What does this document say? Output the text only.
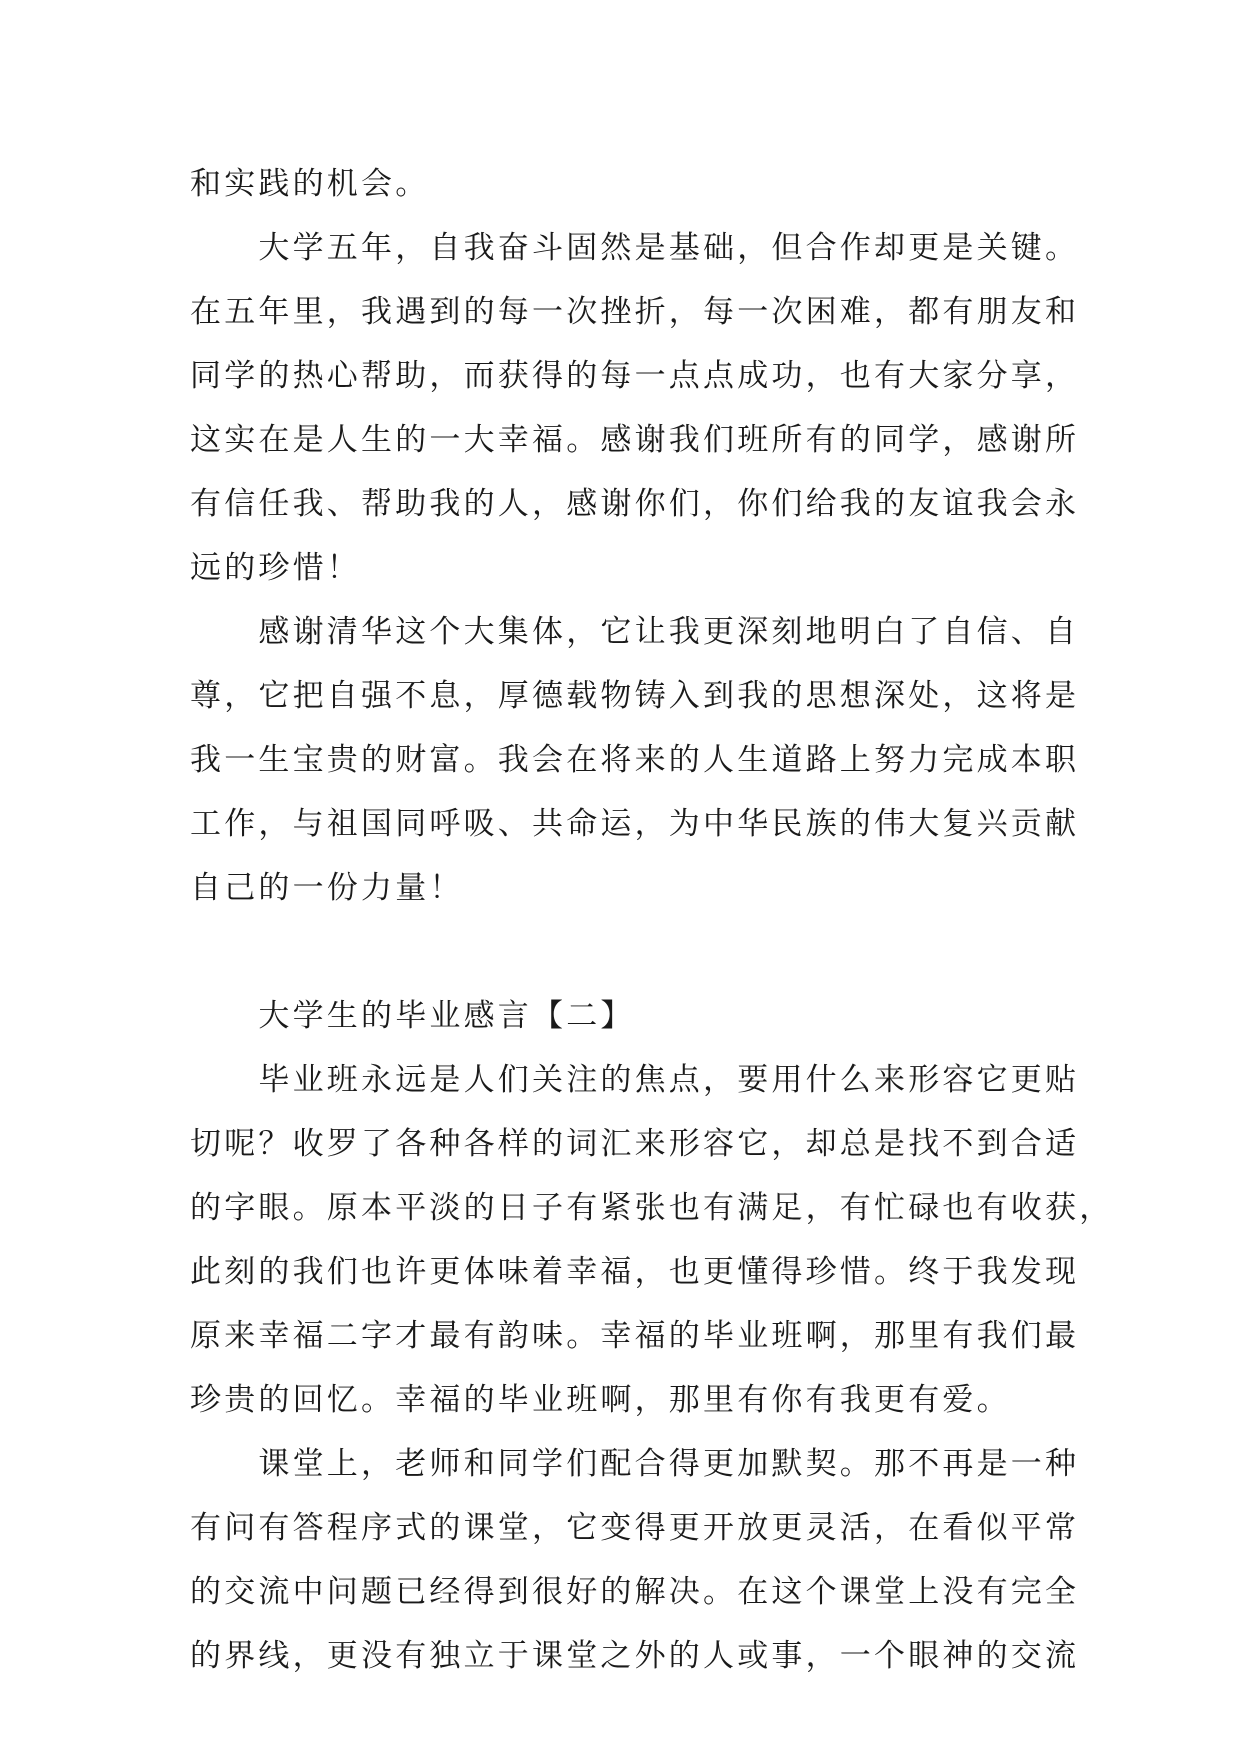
和实践的机会。
　　大学五年，自我奋斗固然是基础，但合作却更是关键。
在五年里，我遇到的每一次挫折，每一次困难，都有朋友和
同学的热心帮助，而获得的每一点点成功，也有大家分享，
这实在是人生的一大幸福。感谢我们班所有的同学，感谢所
有信任我、帮助我的人，感谢你们，你们给我的友谊我会永
远的珍惜！
　　感谢清华这个大集体，它让我更深刻地明白了自信、自
尊，它把自强不息，厚德载物铸入到我的思想深处，这将是
我一生宝贵的财富。我会在将来的人生道路上努力完成本职
工作，与祖国同呼吸、共命运，为中华民族的伟大复兴贡献
自己的一份力量！
　　大学生的毕业感言【二】
　　毕业班永远是人们关注的焦点，要用什么来形容它更贴
切呢？收罗了各种各样的词汇来形容它，却总是找不到合适
的字眼。原本平淡的日子有紧张也有满足，有忙碌也有收获，
此刻的我们也许更体味着幸福，也更懂得珍惜。终于我发现
原来幸福二字才最有韵味。幸福的毕业班啊，那里有我们最
珍贵的回忆。幸福的毕业班啊，那里有你有我更有爱。
　　课堂上，老师和同学们配合得更加默契。那不再是一种
有问有答程序式的课堂，它变得更开放更灵活，在看似平常
的交流中问题已经得到很好的解决。在这个课堂上没有完全
的界线，更没有独立于课堂之外的人或事，一个眼神的交流
